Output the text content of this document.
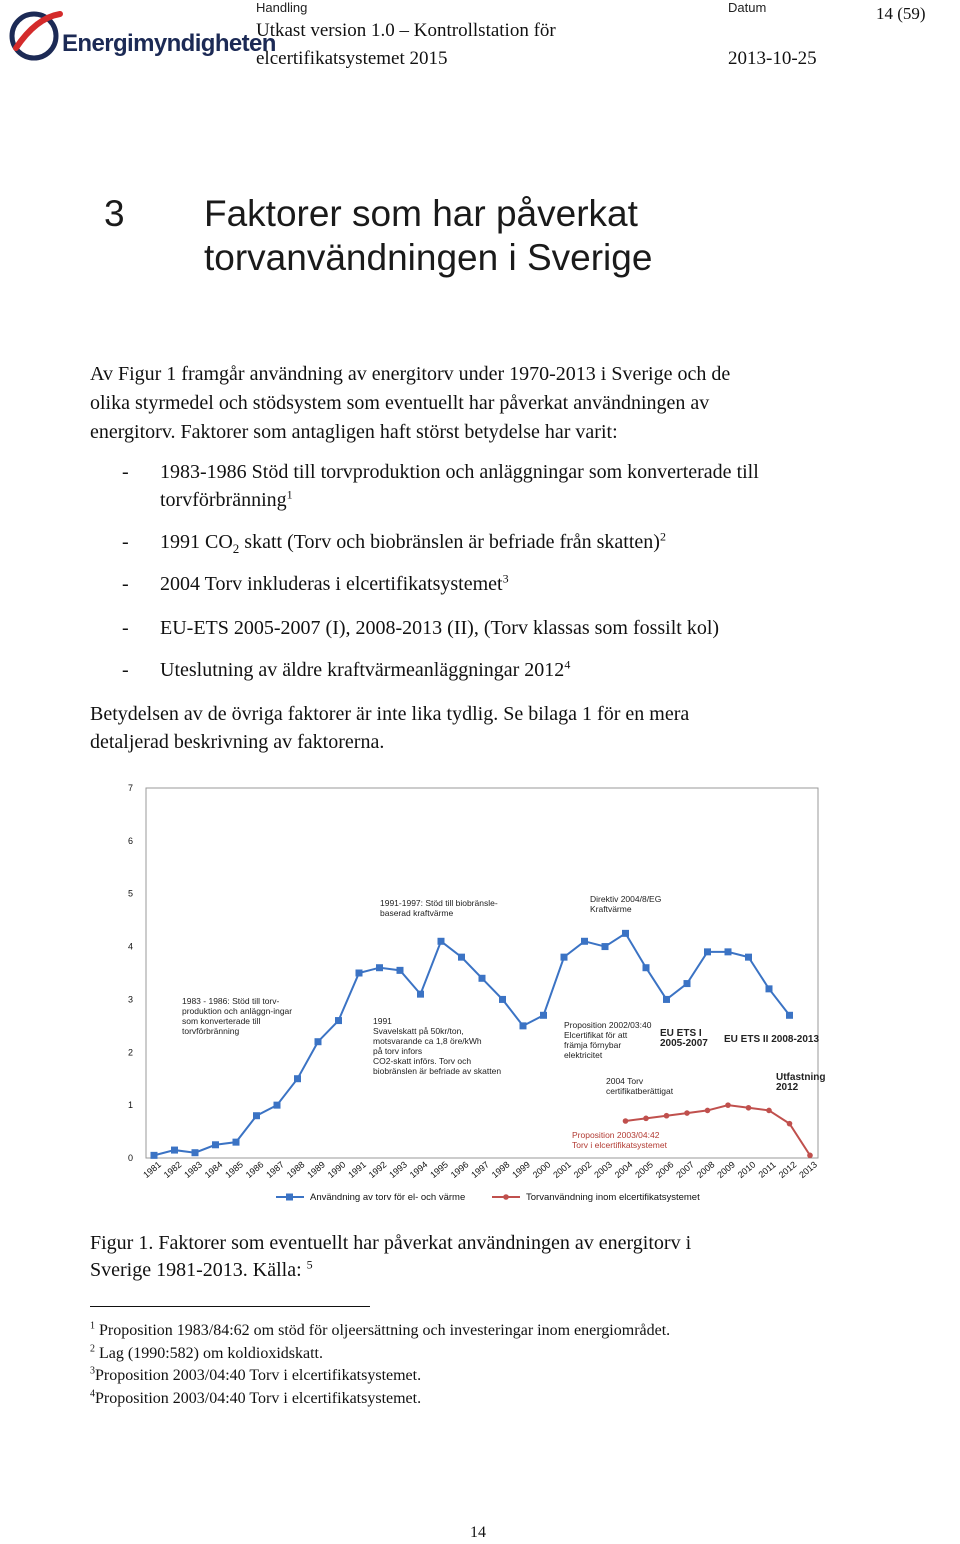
Energimyndigheten
Handling
Utkast version 1.0 – Kontrollstation för
elcertifikatsystemet 2015
Datum
2013-10-25
14 (59)
3 Faktorer som har påverkat
torvanvändningen i Sverige
Av Figur 1 framgår användning av energitorv under 1970-2013 i Sverige och de
olika styrmedel och stödsystem som eventuellt har påverkat användningen av
energitorv. Faktorer som antagligen haft störst betydelse har varit:
- 1983-1986 Stöd till torvproduktion och anläggningar som konverterade till
torvförbränning$^1$
- 1991 $CO_2$ skatt (Torv och biobränslen är befriade från skatten)$^2$
- 2004 Torv inkluderas i elcertifikatsystemet$^3$
- EU-ETS 2005-2007 (I), 2008-2013 (II), (Torv klassas som fossilt kol)
- Uteslutning av äldre kraftvärmeanläggningar 2012$^4$
Betydelsen av de övriga faktorer är inte lika tydlig. Se bilaga 1 för en mera
detaljerad beskrivning av faktorerna.
0
1
2
3
4
5
6
7
1981
1982
1983
1984
1985
1986
1987
1988
1989
1990
1991
1992
1993
1994
1995
1996
1997
1998
1999
2000
2001
2002
2003
2004
2005
2006
2007
2008
2009
2010
2011
2012
2013
1991-1997: Stöd till biobränsle-
baserad kraftvärme
Direktiv 2004/8/EG
Kraftvärme
1983 - 1986: Stöd till torv-
produktion och anläggn-ingar
som konverterade till
torvförbränning
1991
Svavelskatt på 50kr/ton,
motsvarande ca 1,8 öre/kWh
på torv infors
CO2-skatt införs. Torv och
biobränslen är befriade av skatten
Proposition 2002/03:40
Elcertifikat för att
främja förnybar
elektricitet
EU ETS I
2005-2007 EU ETS II 2008-2013
Utfastning
2012
2004 Torv
certifikatberättigat
Proposition 2003/04:42
Torv i elcertifikatsystemet
Användning av torv för el- och värme	Torvanvändning inom elcertifikatsystemet
Figur 1. Faktorer som eventuellt har påverkat användningen av energitorv i
Sverige 1981-2013. Källa: $^5$
$^1$ Proposition 1983/84:62 om stöd för oljeersättning och investeringar inom energiområdet.
$^2$ Lag (1990:582) om koldioxidskatt.
$^3$Proposition 2003/04:40 Torv i elcertifikatsystemet.
$^4$Proposition 2003/04:40 Torv i elcertifikatsystemet.
14
